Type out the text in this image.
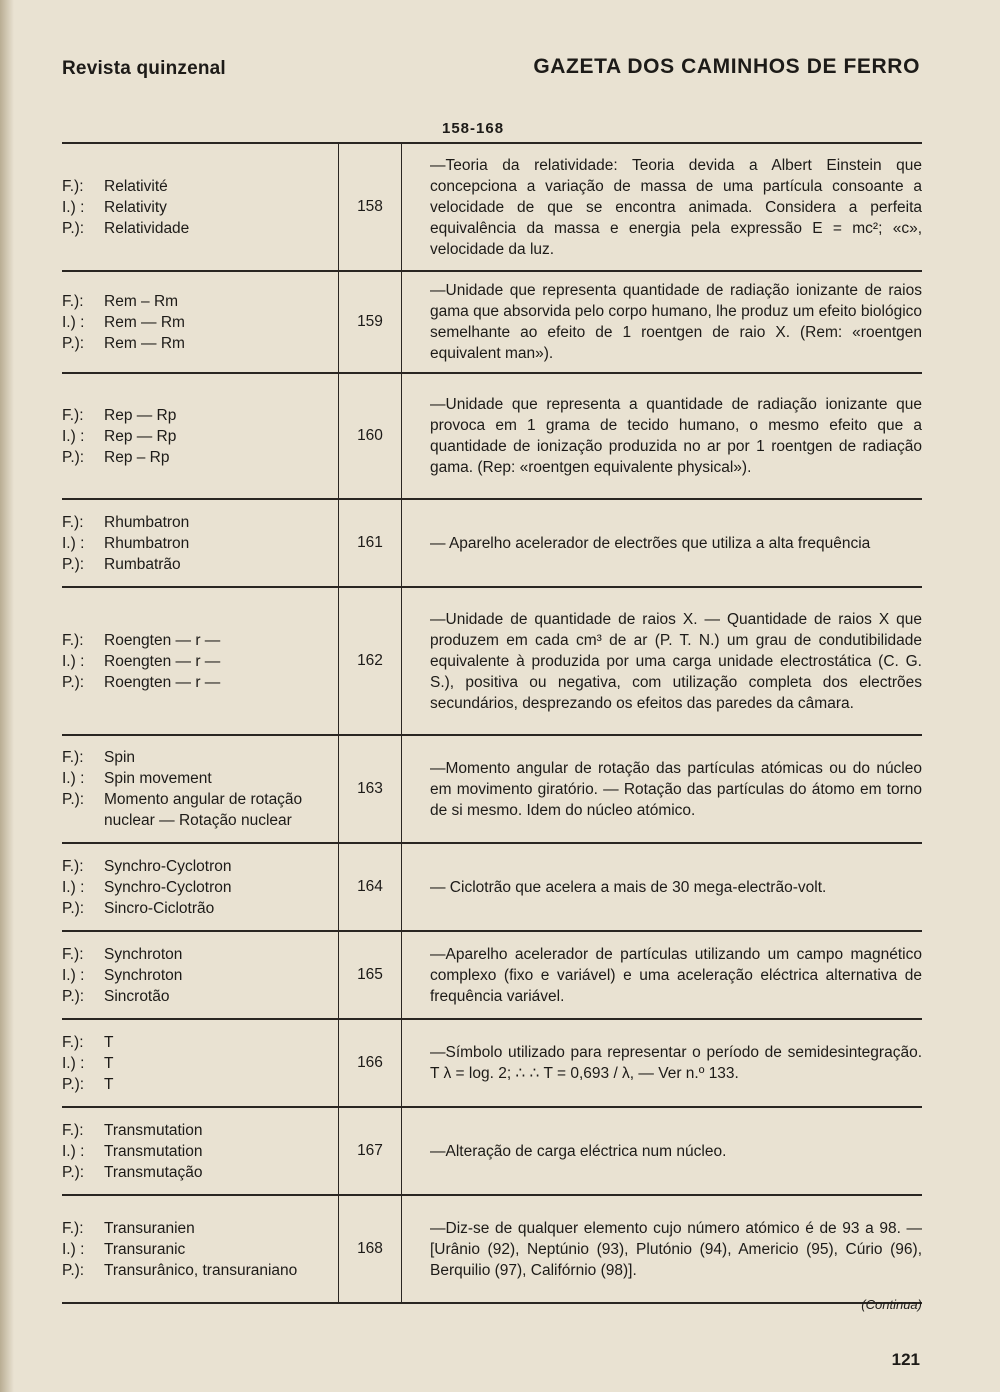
Revista quinzenal	GAZETA DOS CAMINHOS DE FERRO
158-168
F.):	Relativité
I.) :	Relativity
P.):	Relatividade
158
—Teoria da relatividade: Teoria devida a Albert Einstein que concepciona a variação de massa de uma partícula consoante a velocidade de que se encontra animada. Considera a perfeita equivalência da massa e energia pela expressão E = mc²; «c», velocidade da luz.
F.):	Rem – Rm
I.) :	Rem — Rm
P.):	Rem — Rm
159
—Unidade que representa quantidade de radiação ionizante de raios gama que absorvida pelo corpo humano, lhe produz um efeito biológico semelhante ao efeito de 1 roentgen de raio X. (Rem: «roentgen equivalent man»).
F.):	Rep — Rp
I.) :	Rep — Rp
P.):	Rep – Rp
160
—Unidade que representa a quantidade de radiação ionizante que provoca em 1 grama de tecido humano, o mesmo efeito que a quantidade de ionização produzida no ar por 1 roentgen de radiação gama. (Rep: «roentgen equivalente physical»).
F.):	Rhumbatron
I.) :	Rhumbatron
P.):	Rumbatrão
161	— Aparelho acelerador de electrões que utiliza a alta frequência
F.):	Roengten — r —
I.) :	Roengten — r —
P.):	Roengten — r —
162
—Unidade de quantidade de raios X. — Quantidade de raios X que produzem em cada cm³ de ar (P. T. N.) um grau de condutibilidade equivalente à produzida por uma carga unidade electrostática (C. G. S.), positiva ou negativa, com utilização completa dos electrões secundários, desprezando os efeitos das paredes da câmara.
F.):	Spin
I.) :	Spin movement
P.):	Momento angular de rotação nuclear — Rotação nuclear
163
—Momento angular de rotação das partículas atómicas ou do núcleo em movimento giratório. — Rotação das partículas do átomo em torno de si mesmo. Idem do núcleo atómico.
F.):	Synchro-Cyclotron
I.) :	Synchro-Cyclotron
P.):	Sincro-Ciclotrão
164	— Ciclotrão que acelera a mais de 30 mega-electrão-volt.
F.):	Synchroton
I.) :	Synchroton
P.):	Sincrotão
165
—Aparelho acelerador de partículas utilizando um campo magnético complexo (fixo e variável) e uma aceleração eléctrica alternativa de frequência variável.
F.):	T
I.) :	T
P.):	T
166
—Símbolo utilizado para representar o período de semidesintegração. T λ = log. 2; ∴ ∴ T = 0,693 / λ, — Ver n.º 133.
F.):	Transmutation
I.) :	Transmutation
P.):	Transmutação
167	—Alteração de carga eléctrica num núcleo.
F.):	Transuranien
I.) :	Transuranic
P.):	Transurânico, transuraniano
168
—Diz-se de qualquer elemento cujo número atómico é de 93 a 98. — [Urânio (92), Neptúnio (93), Plutónio (94), Americio (95), Cúrio (96), Berquilio (97), Califórnio (98)].
(Continua)
121
